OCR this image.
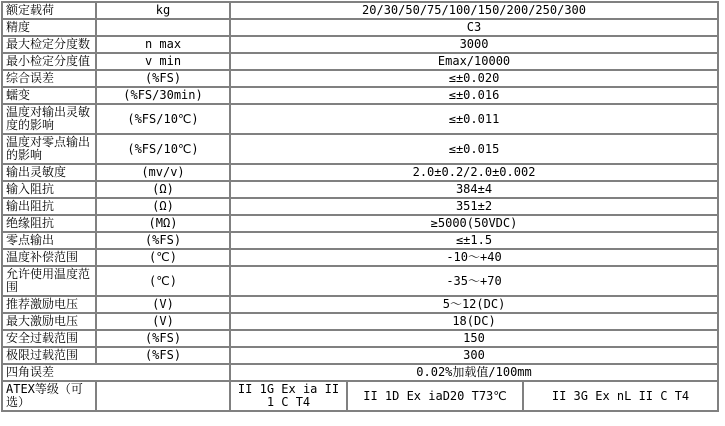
额定载荷	kg	20/30/50/75/100/150/200/250/300		
精度		C3		
最大检定分度数	n max	3000		
最小检定分度值	v min	Emax/10000		
综合误差	(%FS)	≤±0.020		
蠕变	(%FS/30min)	≤±0.016		
温度对输出灵敏度的影响	(%FS/10℃)	≤±0.011		
温度对零点输出的影响	(%FS/10℃)	≤±0.015		
输出灵敏度	(mv/v)	2.0±0.2/2.0±0.002		
输入阻抗	(Ω)	384±4		
输出阻抗	(Ω)	351±2		
绝缘阻抗	(MΩ)	≥5000(50VDC)		
零点输出	(%FS)	≤±1.5		
温度补偿范围	(℃)	-10～+40		
允许使用温度范围	(℃)	-35～+70		
推荐激励电压	(V)	5～12(DC)		
最大激励电压	(V)	18(DC)		
安全过载范围	(%FS)	150		
极限过载范围	(%FS)	300		
四角误差		0.02%加载值/100mm		
ATEX等级（可选）		II 1G Ex ia II 1 C T4	II 1D Ex iaD20 T73℃	II 3G Ex nL II C T4
